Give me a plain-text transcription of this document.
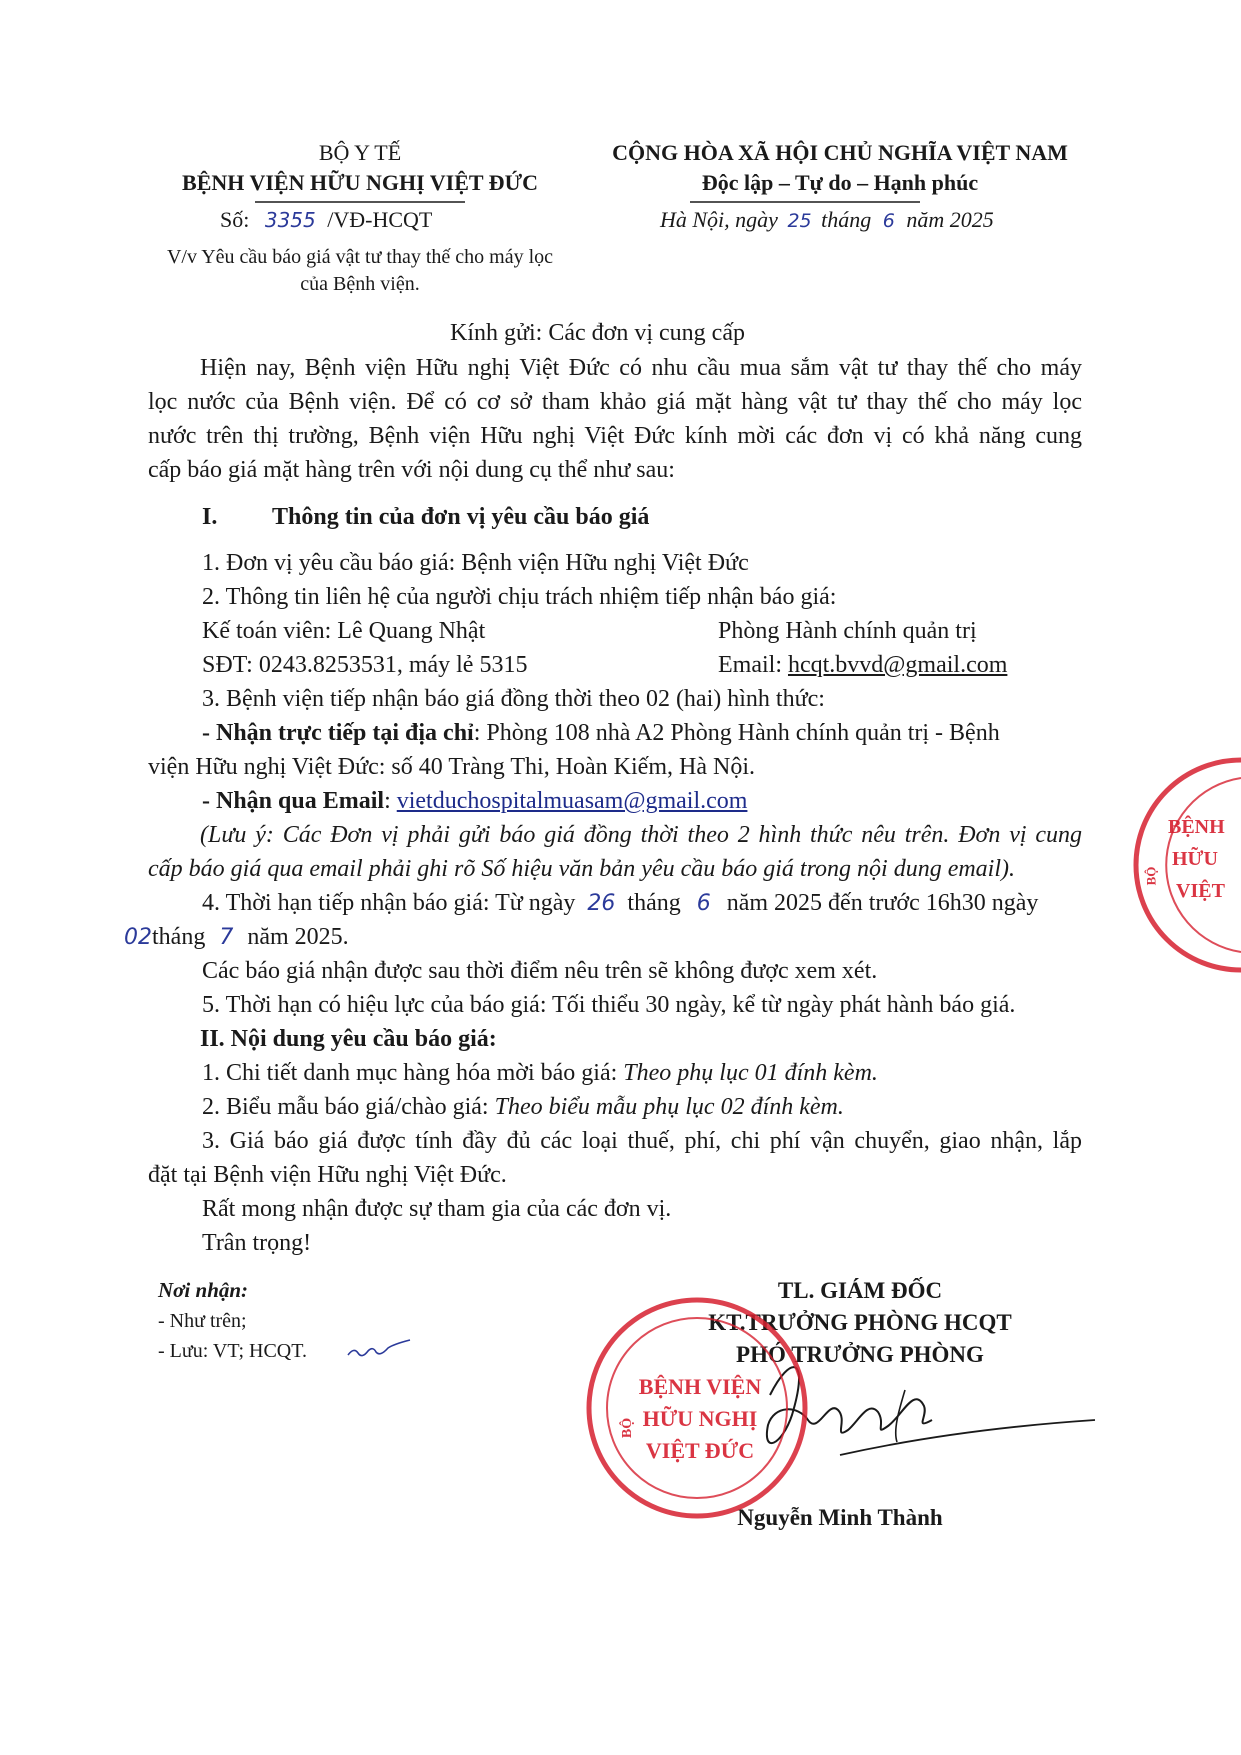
BỘ Y TẾ
BỆNH VIỆN HỮU NGHỊ VIỆT ĐỨC
Số: 3355 /VĐ-HCQT
V/v Yêu cầu báo giá vật tư thay thế cho máy lọc
của Bệnh viện.
CỘNG HÒA XÃ HỘI CHỦ NGHĨA VIỆT NAM
Độc lập – Tự do – Hạnh phúc
Hà Nội, ngày 25 tháng 6 năm 2025
Kính gửi: Các đơn vị cung cấp
Hiện nay, Bệnh viện Hữu nghị Việt Đức có nhu cầu mua sắm vật tư thay thế cho máy
lọc nước của Bệnh viện. Để có cơ sở tham khảo giá mặt hàng vật tư thay thế cho máy lọc
nước trên thị trường, Bệnh viện Hữu nghị Việt Đức kính mời các đơn vị có khả năng cung
cấp báo giá mặt hàng trên với nội dung cụ thể như sau:
I. Thông tin của đơn vị yêu cầu báo giá
1. Đơn vị yêu cầu báo giá: Bệnh viện Hữu nghị Việt Đức
2. Thông tin liên hệ của người chịu trách nhiệm tiếp nhận báo giá:
Kế toán viên: Lê Quang Nhật	Phòng Hành chính quản trị
SĐT: 0243.8253531, máy lẻ 5315	Email: hcqt.bvvd@gmail.com
3. Bệnh viện tiếp nhận báo giá đồng thời theo 02 (hai) hình thức:
- Nhận trực tiếp tại địa chỉ: Phòng 108 nhà A2 Phòng Hành chính quản trị - Bệnh
viện Hữu nghị Việt Đức: số 40 Tràng Thi, Hoàn Kiếm, Hà Nội.
- Nhận qua Email: vietduchospitalmuasam@gmail.com
(Lưu ý: Các Đơn vị phải gửi báo giá đồng thời theo 2 hình thức nêu trên. Đơn vị cung
cấp báo giá qua email phải ghi rõ Số hiệu văn bản yêu cầu báo giá trong nội dung email).
4. Thời hạn tiếp nhận báo giá: Từ ngày 26 tháng 6 năm 2025 đến trước 16h30 ngày
02tháng 7 năm 2025.
Các báo giá nhận được sau thời điểm nêu trên sẽ không được xem xét.
5. Thời hạn có hiệu lực của báo giá: Tối thiểu 30 ngày, kể từ ngày phát hành báo giá.
II. Nội dung yêu cầu báo giá:
1. Chi tiết danh mục hàng hóa mời báo giá: Theo phụ lục 01 đính kèm.
2. Biểu mẫu báo giá/chào giá: Theo biểu mẫu phụ lục 02 đính kèm.
3. Giá báo giá được tính đầy đủ các loại thuế, phí, chi phí vận chuyển, giao nhận, lắp
đặt tại Bệnh viện Hữu nghị Việt Đức.
Rất mong nhận được sự tham gia của các đơn vị.
Trân trọng!
Nơi nhận:
- Như trên;
- Lưu: VT; HCQT.
TL. GIÁM ĐỐC
KT.TRƯỞNG PHÒNG HCQT
PHÓ TRƯỞNG PHÒNG
Nguyễn Minh Thành
BỆNH VIỆN
HỮU NGHỊ
VIỆT ĐỨC
BỘ
BỆNH
HỮU
VIỆT
BỘ
